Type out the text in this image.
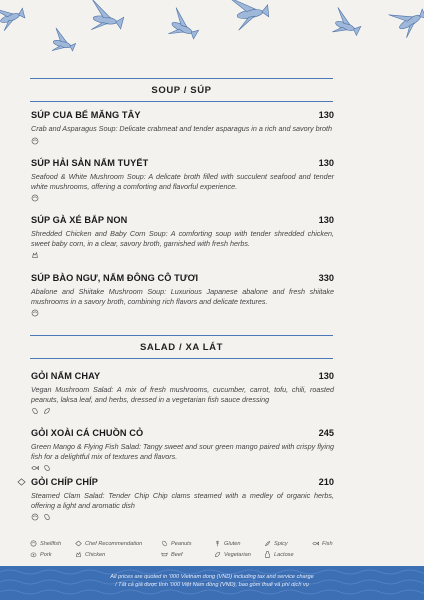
SOUP / SÚP
SÚP CUA BỂ MĂNG TÂY	130
Crab and Asparagus Soup: Delicate crabmeat and tender asparagus in a rich and savory broth
SÚP HẢI SẢN NẤM TUYẾT	130
Seafood & White Mushroom Soup: A delicate broth filled with succulent seafood and tender white mushrooms, offering a comforting and flavorful experience.
SÚP GÀ XÉ BẮP NON	130
Shredded Chicken and Baby Corn Soup: A comforting soup with tender shredded chicken, sweet baby corn, in a clear, savory broth, garnished with fresh herbs.
SÚP BÀO NGƯ, NẤM ĐÔNG CÔ TƯƠI	330
Abalone and Shiitake Mushroom Soup: Luxurious Japanese abalone and fresh shiitake mushrooms in a savory broth, combining rich flavors and delicate textures.
SALAD / XA LÁT
GỎI NẤM CHAY	130
Vegan Mushroom Salad: A mix of fresh mushrooms, cucumber, carrot, tofu, chili, roasted peanuts, laksa leaf, and herbs, dressed in a vegetarian fish sauce dressing
GỎI XOÀI CÁ CHUỒN CỎ	245
Green Mango & Flying Fish Salad: Tangy sweet and sour green mango paired with crispy flying fish for a delightful mix of textures and flavors.
GỎI CHÍP CHÍP	210
Steamed Clam Salad: Tender Chip Chip clams steamed with a medley of organic herbs, offering a light and aromatic dish
Shellfish	Chef Recommendation	Peanuts	Gluten	Spicy	Fish
Pork	Chicken	Beef	Vegetarian	Lactose
All prices are quoted in '000 Vietnam dong (VND) including tax and service charge
/ Tất cả giá được tính '000 Việt Nam đồng (VND), bao gồm thuế và phí dịch vụ
